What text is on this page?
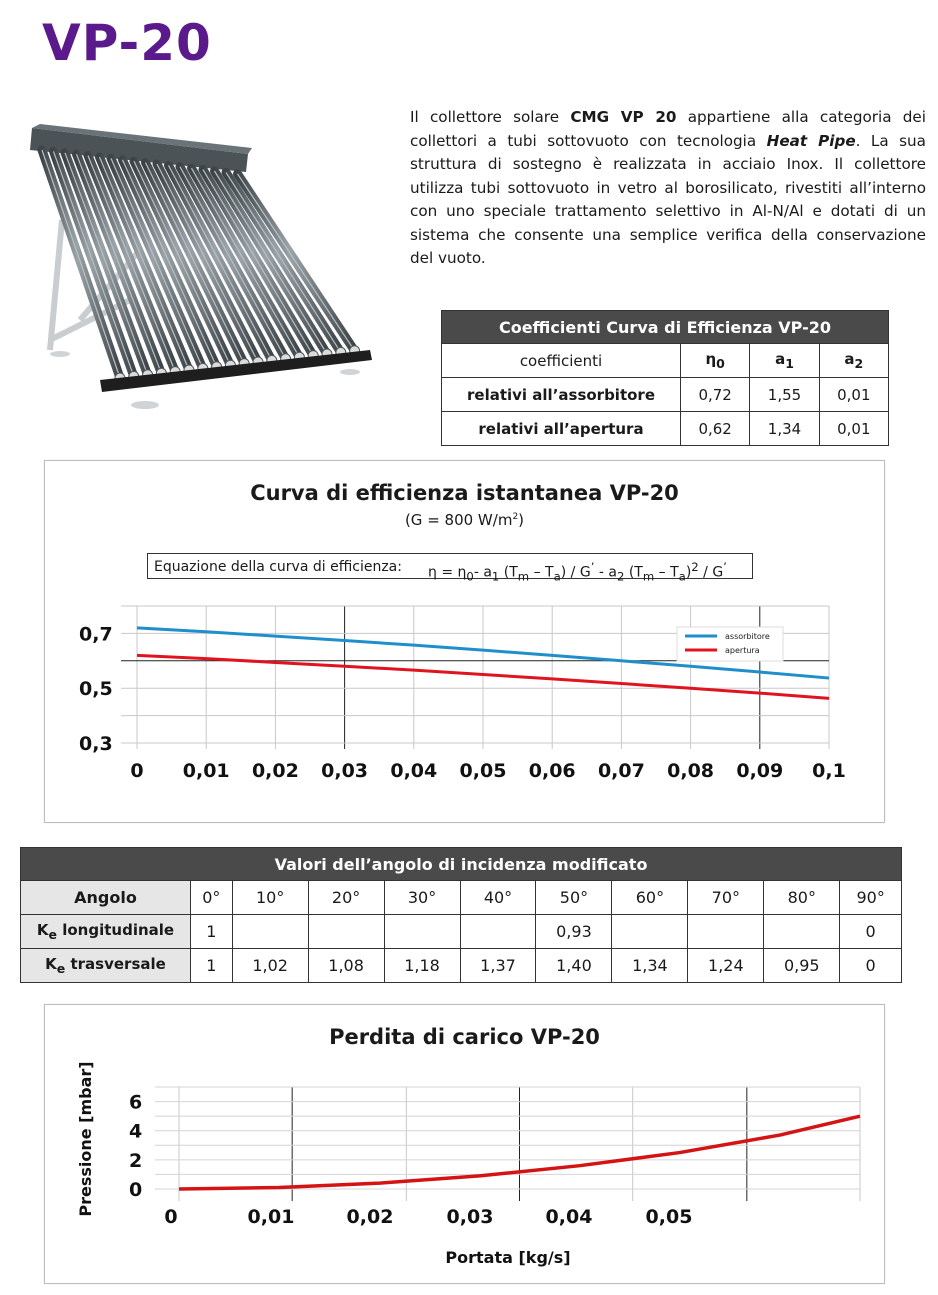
VP-20

Il collettore solare CMG VP 20 appartiene alla categoria dei collettori a tubi sottovuoto con tecnologia Heat Pipe. La sua struttura di sostegno è realizzata in acciaio Inox. Il collettore utilizza tubi sottovuoto in vetro al borosilicato, rivestiti all’interno con uno speciale trattamento selettivo in Al-N/Al e dotati di un sistema che consente una semplice verifica della conservazione del vuoto.

Coefficienti Curva di Efficienza VP-20			
coefficienti	$\eta_0$	$a_1$	$a_2$
relativi all’assorbitore	0,72	1,55	0,01
relativi all’apertura	0,62	1,34	0,01
Curva di efficienza istantanea VP-20
(G = 800 $W/m^2$)
Equazione della curva di efficienza: $\eta = \eta_0-$ $a_1$ $(T_m - T_a) / G^’ - a_2$ $(T_m - T_a)^2 / G^’$
0,7
0,5
0,3
0 0,01 0,02 0,03 0,04 0,05 0,06 0,07 0,08 0,09 0,1
assorbitore
apertura
Valori dell’angolo di incidenza modificato										
Angolo	0°	10°	20°	30°	40°	50°	60°	70°	80°	90°
$K_e$ longitudinale	1					0,93				0
$K_e$ trasversale	1	1,02	1,08	1,18	1,37	1,40	1,34	1,24	0,95	0
Perdita di carico VP-20
6
4
2
0
0	0,01	0,02	0,03	0,04	0,05
Pressione [mbar]
Portata [kg/s]
